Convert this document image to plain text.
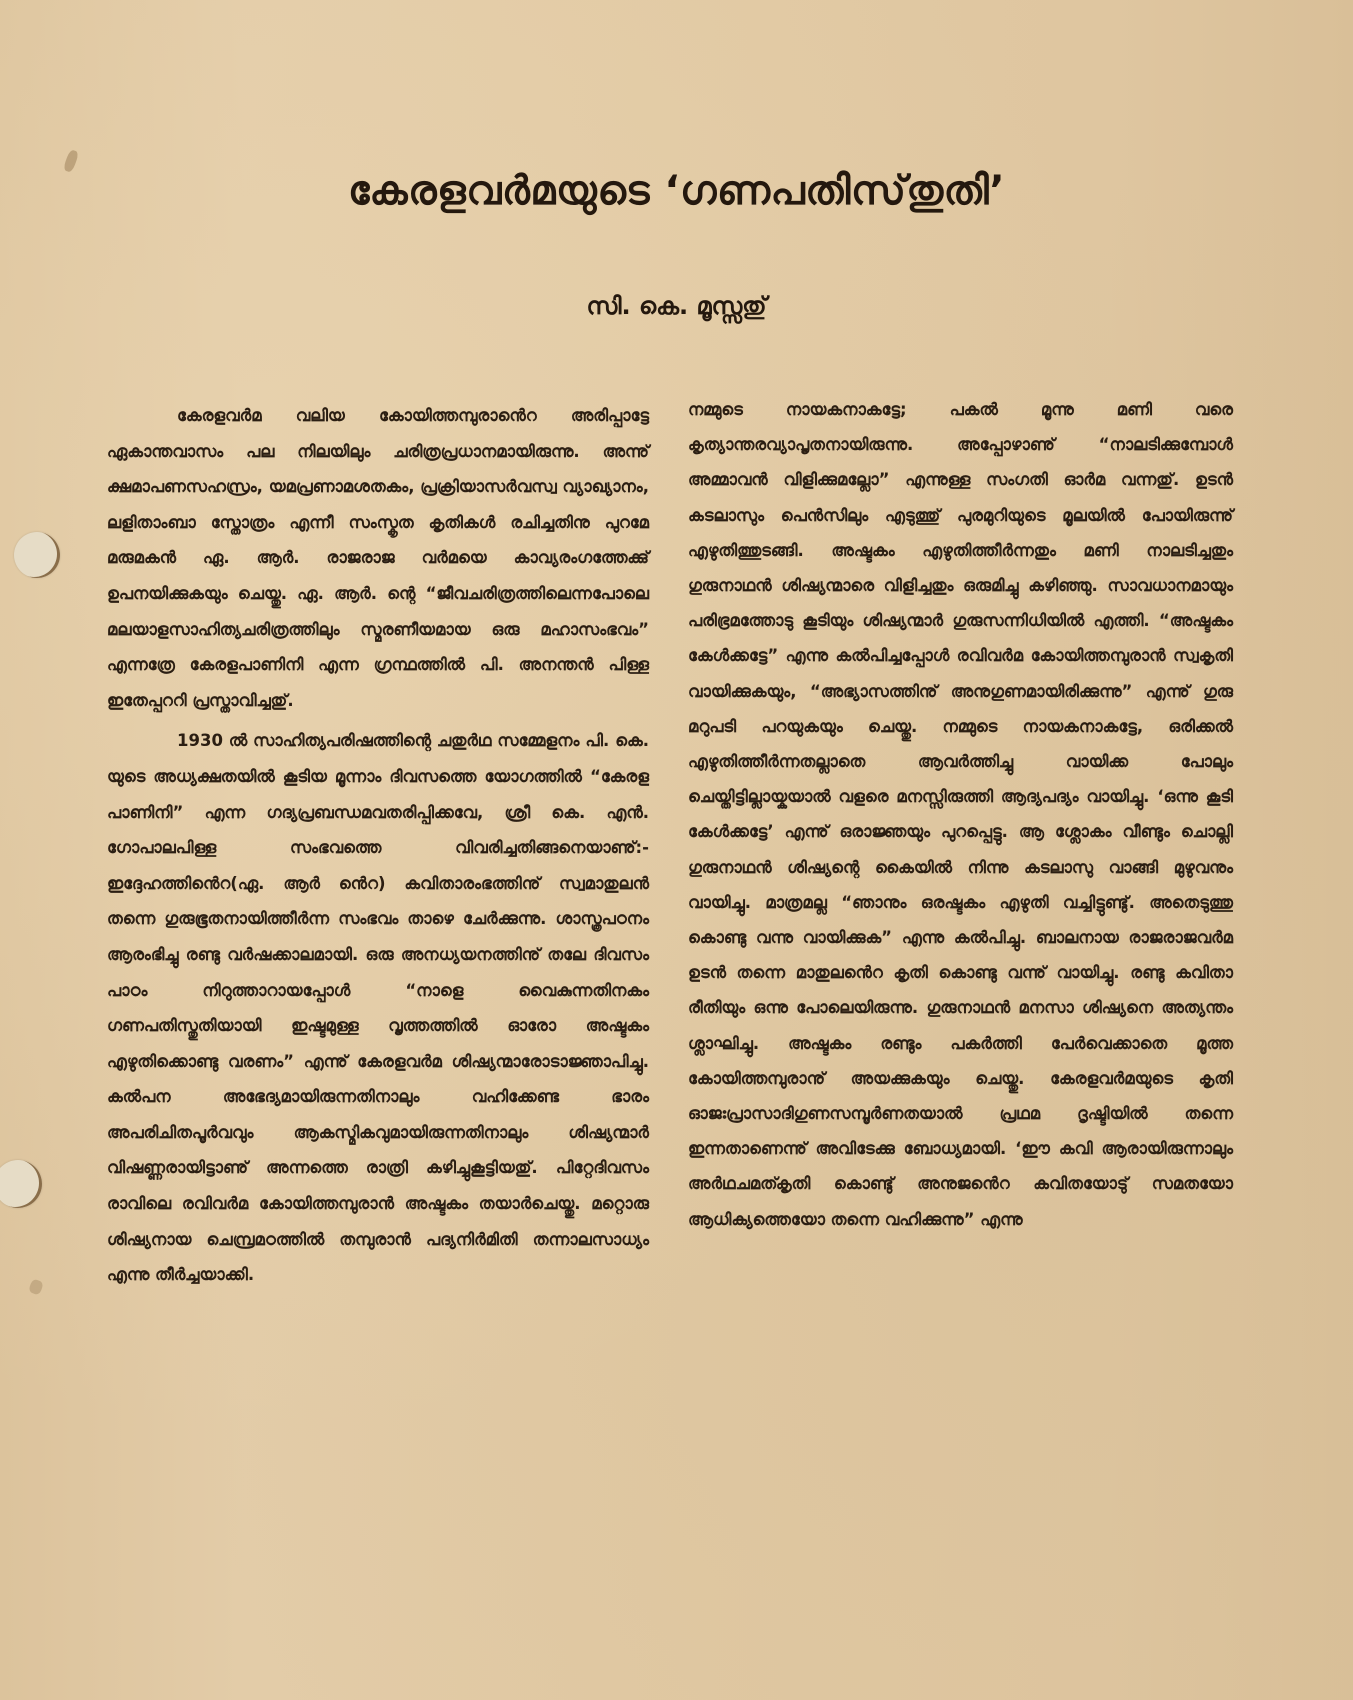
കേരളവർമയുടെ ‘ഗണപതിസ്‌തുതി’
സി. കെ. മൂസ്സതു്

കേരളവർമ വലിയ കോയിത്തമ്പുരാൻെറ അരിപ്പാട്ടേ ഏകാന്തവാസം പല നിലയിലും ചരിത്രപ്രധാനമായിരുന്നു. അന്നു് ക്ഷമാപണസഹസ്രം, യമപ്രണാമശതകം, പ്രക്രിയാസർവസ്വ വ്യാഖ്യാനം, ലളിതാംബാ സ്തോത്രം എന്നീ സംസ്കൃത കൃതികൾ രചിച്ചതിനു പുറമേ മരുമകൻ ഏ. ആർ. രാജരാജ വർമയെ കാവ്യരംഗത്തേക്കു് ഉപനയിക്കുകയും ചെയ്തു. ഏ. ആർ. ന്റെ “ജീവചരിത്രത്തിലെന്നപോലെ മലയാളസാഹിത്യചരിത്രത്തിലും സ്മരണീയമായ ഒരു മഹാസംഭവം” എന്നത്രേ കേരളപാണിനി എന്ന ഗ്രന്ഥത്തിൽ പി. അനന്തൻ പിള്ള ഇതേപ്പററി പ്രസ്താവിച്ചതു്.

1930 ൽ സാഹിത്യപരിഷത്തിന്റെ ചതുർഥ സമ്മേളനം പി. കെ. യുടെ അധ്യക്ഷതയിൽ കൂടിയ മൂന്നാം ദിവസത്തെ യോഗത്തിൽ “കേരള പാണിനി” എന്ന ഗദ്യപ്രബന്ധമവതരിപ്പിക്കവേ, ശ്രീ കെ. എൻ. ഗോപാലപിള്ള സംഭവത്തെ വിവരിച്ചതിങ്ങനെയാണു്:-ഇദ്ദേഹത്തിൻെറ(ഏ. ആർ ൻെറ) കവിതാരംഭത്തിനു് സ്വമാതുലൻ തന്നെ ഗുരുഭൂതനായിത്തീർന്ന സംഭവം താഴെ ചേർക്കുന്നു. ശാസ്ത്രപഠനം ആരംഭിച്ചു രണ്ടു വർഷക്കാലമായി. ഒരു അനധ്യയനത്തിനു് തലേ ദിവസം പാഠം നിറുത്താറായപ്പോൾ “നാളെ വൈകുന്നതിനകം ഗണപതിസ്തുതിയായി ഇഷ്ടമുള്ള വൃത്തത്തിൽ ഓരോ അഷ്ടകം എഴുതിക്കൊണ്ടു വരണം” എന്നു് കേരളവർമ ശിഷ്യന്മാരോടാജ്ഞാപിച്ചു. കൽപന അഭേദ്യമായിരുന്നതിനാലും വഹിക്കേണ്ട ഭാരം അപരിചിതപൂർവവും ആകസ്മികവുമായിരുന്നതിനാലും ശിഷ്യന്മാർ വിഷണ്ണരായിട്ടാണു് അന്നത്തെ രാത്രി കഴിച്ചുകൂട്ടിയതു്. പിറ്റേദിവസം രാവിലെ രവിവർമ കോയിത്തമ്പുരാൻ അഷ്ടകം തയാർചെയ്തു. മറ്റൊരു ശിഷ്യനായ ചെമ്പ്രമഠത്തിൽ തമ്പുരാൻ പദ്യനിർമിതി തന്നാലസാധ്യം എന്നു തീർച്ചയാക്കി.

നമ്മുടെ നായകനാകട്ടേ; പകൽ മൂന്നു മണി വരെ കൃത്യാന്തരവ്യാപൃതനായിരുന്നു. അപ്പോഴാണു് “നാലടിക്കുമ്പോൾ അമ്മാവൻ വിളിക്കുമല്ലോ” എന്നുള്ള സംഗതി ഓർമ വന്നതു്. ഉടൻ കടലാസും പെൻസിലും എടുത്തു് പുരമുറിയുടെ മൂലയിൽ പോയിരുന്നു് എഴുതിത്തുടങ്ങി. അഷ്ടകം എഴുതിത്തീർന്നതും മണി നാലടിച്ചതും ഗുരുനാഥൻ ശിഷ്യന്മാരെ വിളിച്ചതും ഒരുമിച്ചു കഴിഞ്ഞു. സാവധാനമായും പരിഭ്രമത്തോടു കൂടിയും ശിഷ്യന്മാർ ഗുരുസന്നിധിയിൽ എത്തി. “അഷ്ടകം കേൾക്കട്ടേ” എന്നു കൽപിച്ചപ്പോൾ രവിവർമ കോയിത്തമ്പുരാൻ സ്വകൃതി വായിക്കുകയും, “അഭ്യാസത്തിനു് അനുഗുണമായിരിക്കുന്നു” എന്നു് ഗുരു മറുപടി പറയുകയും ചെയ്തു. നമ്മുടെ നായകനാകട്ടേ, ഒരിക്കൽ എഴുതിത്തീർന്നതല്ലാതെ ആവർത്തിച്ചു വായിക്ക പോലും ചെയ്തിട്ടില്ലായ്കയാൽ വളരെ മനസ്സിരുത്തി ആദ്യപദ്യം വായിച്ചു. ‘ഒന്നു കൂടി കേൾക്കട്ടേ’ എന്നു് ഒരാജ്ഞയും പുറപ്പെട്ടു. ആ ശ്ലോകം വീണ്ടും ചൊല്ലി ഗുരുനാഥൻ ശിഷ്യന്റെ കൈയിൽ നിന്നു കടലാസു വാങ്ങി മുഴുവനും വായിച്ചു. മാത്രമല്ല “ഞാനും ഒരഷ്ടകം എഴുതി വച്ചിട്ടുണ്ടു്. അതെടുത്തു കൊണ്ടു വന്നു വായിക്കുക” എന്നു കൽപിച്ചു. ബാലനായ രാജരാജവർമ ഉടൻ തന്നെ മാതുലൻെറ കൃതി കൊണ്ടു വന്നു് വായിച്ചു. രണ്ടു കവിതാ രീതിയും ഒന്നു പോലെയിരുന്നു. ഗുരുനാഥൻ മനസാ ശിഷ്യനെ അത്യന്തം ശ്ലാഘിച്ചു. അഷ്ടകം രണ്ടും പകർത്തി പേർവെക്കാതെ മൂത്ത കോയിത്തമ്പുരാനു് അയക്കുകയും ചെയ്തു. കേരളവർമയുടെ കൃതി ഓജഃപ്രാസാദിഗുണസമ്പൂർണതയാൽ പ്രഥമ ദൃഷ്ടിയിൽ തന്നെ ഇന്നതാണെന്നു് അവിടേക്കു ബോധ്യമായി. ‘ഈ കവി ആരായിരുന്നാലും അർഥചമത്കൃതി കൊണ്ടു് അനുജൻെറ കവിതയോടു് സമതയോ ആധിക്യത്തെയോ തന്നെ വഹിക്കുന്നു” എന്നു
